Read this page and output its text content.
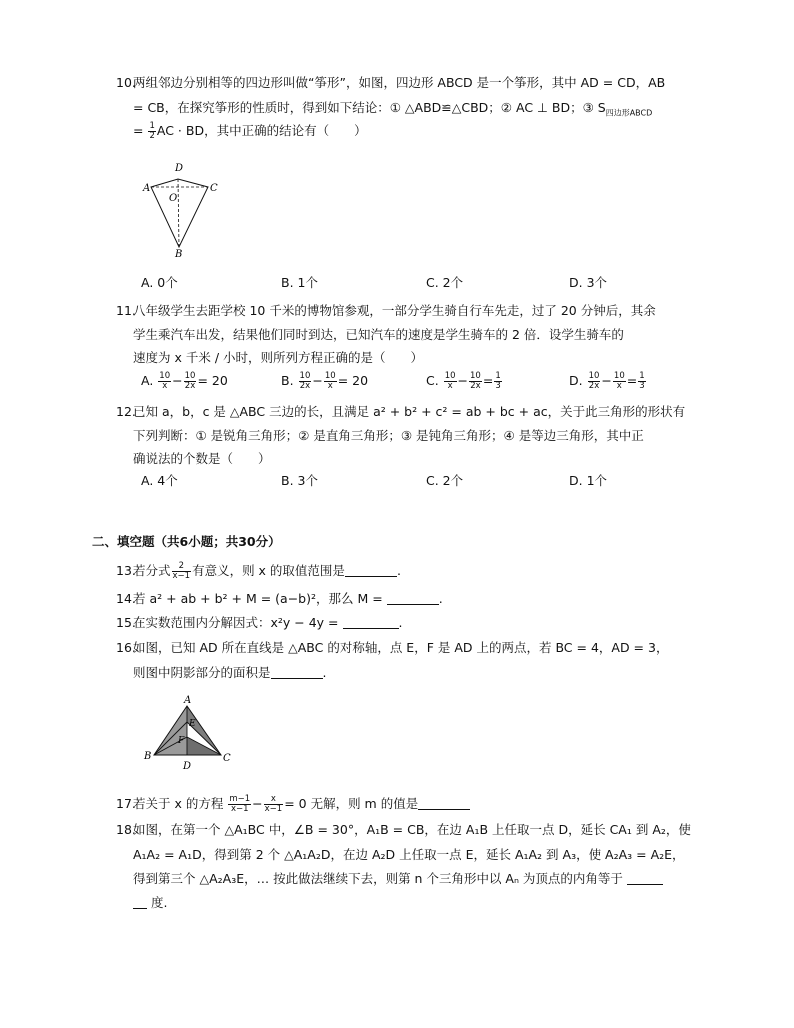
10.
两组邻边分别相等的四边形叫做“筝形”，如图，四边形 ABCD 是一个筝形，其中 AD = CD，AB
= CB，在探究筝形的性质时，得到如下结论：① △ABD≌△CBD；② AC ⊥ BD；③ $S_{四边形ABCD}$
= $\frac{1}{2}$ AC · BD，其中正确的结论有（　　）
D
A	C
O
B
A. 0个	B. 1个	C. 2个	D. 3个
11.
八年级学生去距学校 10 千米的博物馆参观，一部分学生骑自行车先走，过了 20 分钟后，其余
学生乘汽车出发，结果他们同时到达，已知汽车的速度是学生骑车的 2 倍．设学生骑车的
速度为 x 千米 / 小时，则所列方程正确的是（　　）
A. $\frac{10}{x} - \frac{10}{2x} = 20$	B. $\frac{10}{2x} - \frac{10}{x} = 20$	C. $\frac{10}{x} - \frac{10}{2x} = \frac{1}{3}$	D. $\frac{10}{2x} - \frac{10}{x} = \frac{1}{3}$
12.
已知 a，b，c 是 △ABC 三边的长，且满足 a² + b² + c² = ab + bc + ac，关于此三角形的形状有
下列判断：① 是锐角三角形；② 是直角三角形；③ 是钝角三角形；④ 是等边三角形，其中正
确说法的个数是（　　）
A. 4个	B. 3个	C. 2个	D. 1个
二、填空题（共6小题；共30分）
13.
若分式 $\frac{2}{x-1}$ 有意义，则 x 的取值范围是	.
14.
若 a² + ab + b² + M = (a−b)²，那么 M =	.
15.
在实数范围内分解因式：x²y − 4y =	.
16.
如图，已知 AD 所在直线是 △ABC 的对称轴，点 E，F 是 AD 上的两点，若 BC = 4，AD = 3，
则图中阴影部分的面积是	.
A
E
F
B
D
C
17.
若关于 x 的方程 $\frac{m-1}{x-1} - \frac{x}{x-1} = 0$ 无解，则 m 的值是
18.
如图，在第一个 △A₁BC 中，∠B = 30°，A₁B = CB，在边 A₁B 上任取一点 D，延长 CA₁ 到 A₂，使
A₁A₂ = A₁D，得到第 2 个 △A₁A₂D，在边 A₂D 上任取一点 E，延长 A₁A₂ 到 A₃，使 A₂A₃ = A₂E，
得到第三个 △A₂A₃E，… 按此做法继续下去，则第 n 个三角形中以 Aₙ 为顶点的内角等于
度.
